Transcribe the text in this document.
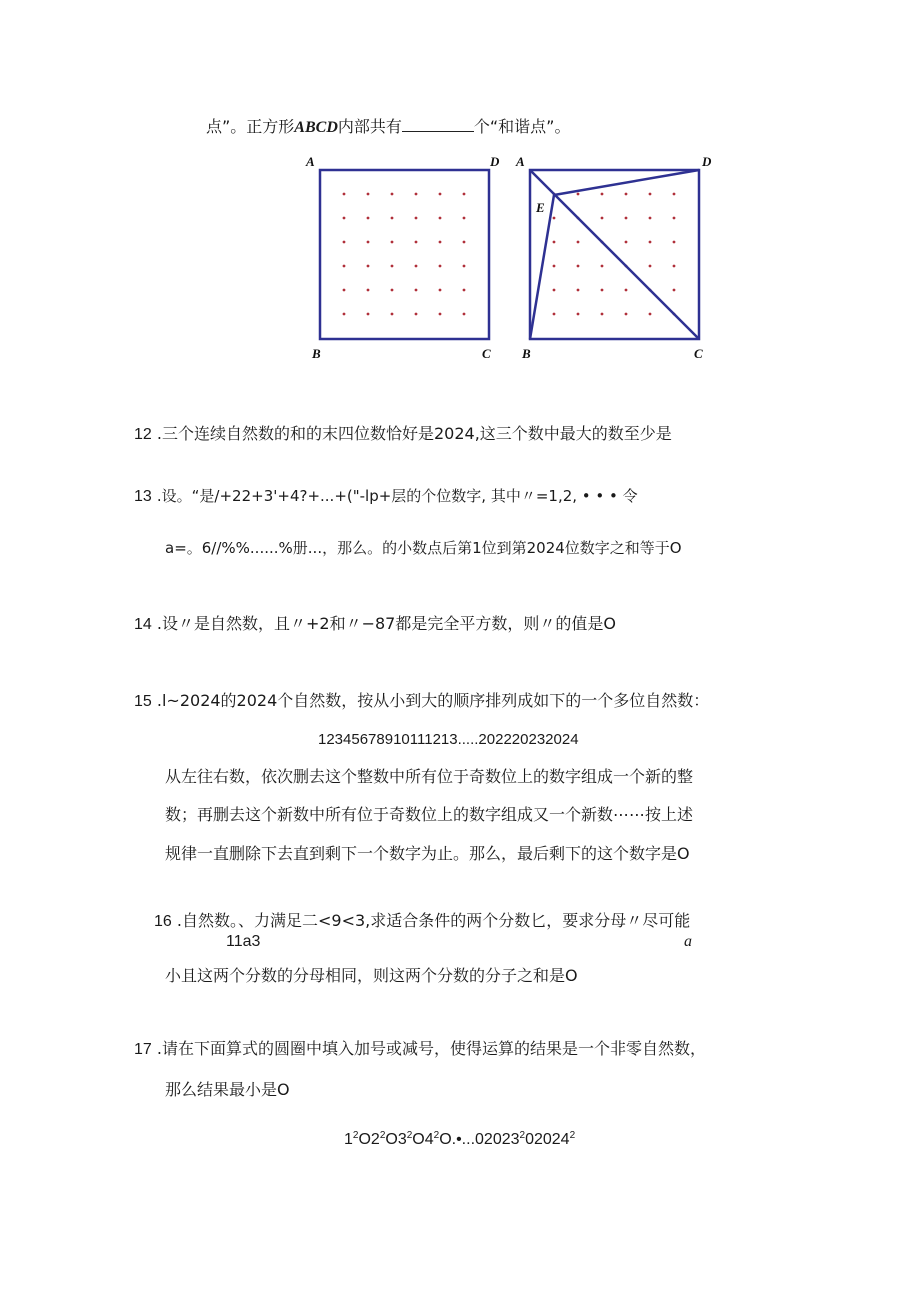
点”。正方形ABCD内部共有	个“和谐点”。
A	D
B	C
A	D
E
B	C
12 .三个连续自然数的和的末四位数恰好是2024,这三个数中最大的数至少是
13 .设。“是/+22+3'+4?+...+("-lp+层的个位数字, 其中〃=1,2, • • • 令
a=。6//%%......%册...，那么。的小数点后第1位到第2024位数字之和等于O
14 .设〃是自然数，且〃+2和〃−87都是完全平方数，则〃的值是O
15 .l~2024的2024个自然数，按从小到大的顺序排列成如下的一个多位自然数：
12345678910111213.....202220232024
从左往右数，依次删去这个整数中所有位于奇数位上的数字组成一个新的整
数；再删去这个新数中所有位于奇数位上的数字组成又一个新数⋯⋯按上述
规律一直删除下去直到剩下一个数字为止。那么，最后剩下的这个数字是O
16 .自然数。、力满足二<9<3,求适合条件的两个分数匕，要求分母〃尽可能
11a3	a
小且这两个分数的分母相同，则这两个分数的分子之和是O
17 .请在下面算式的圆圈中填入加号或减号，使得运算的结果是一个非零自然数，
那么结果最小是O
$1^2O2^2O3^2O4^2O.•...02023^202024^2$
